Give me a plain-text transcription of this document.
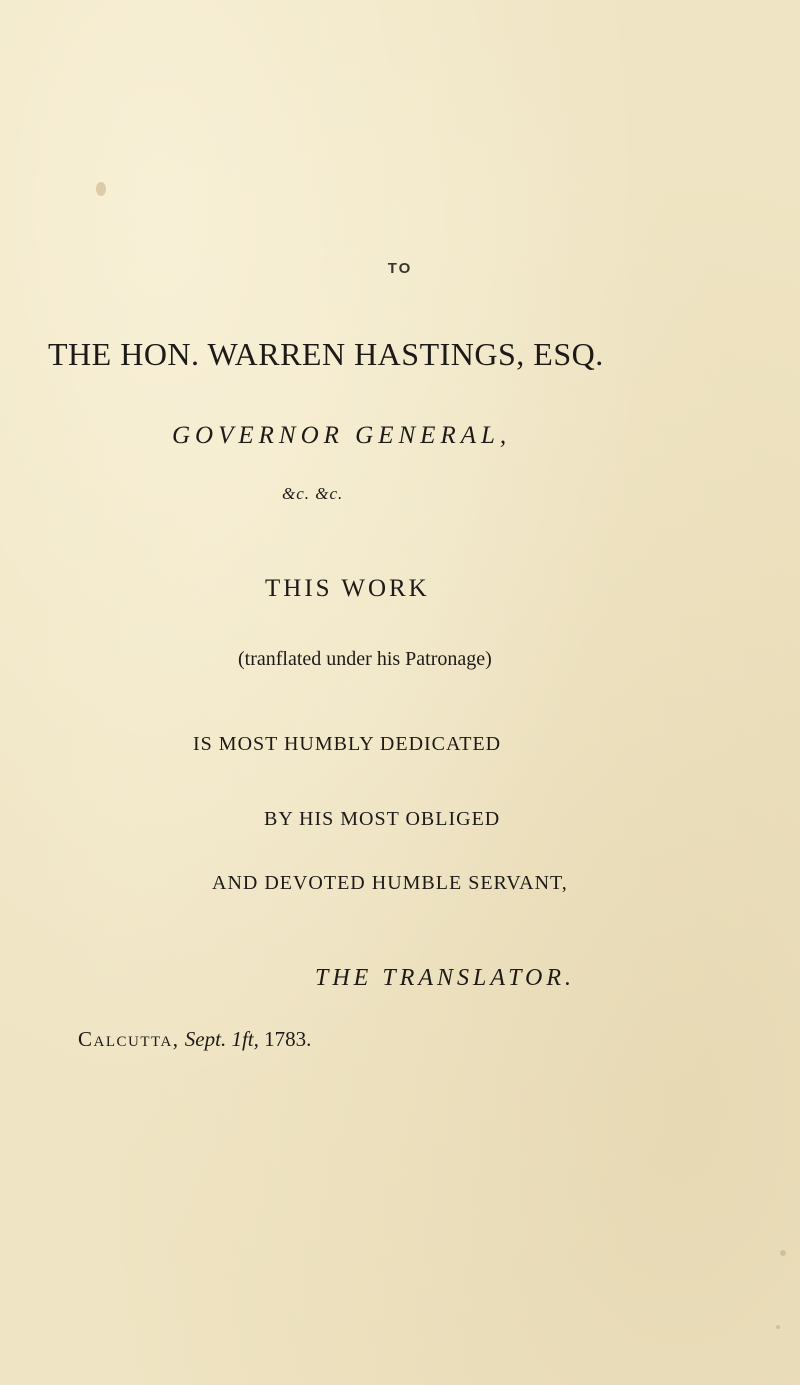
TO

THE HON. WARREN HASTINGS, ESQ.

GOVERNOR GENERAL,

&c. &c.

THIS WORK

(tranflated under his Patronage)

IS MOST HUMBLY DEDICATED

BY HIS MOST OBLIGED

AND DEVOTED HUMBLE SERVANT,

THE TRANSLATOR.

Calcutta, Sept. 1ft, 1783.
